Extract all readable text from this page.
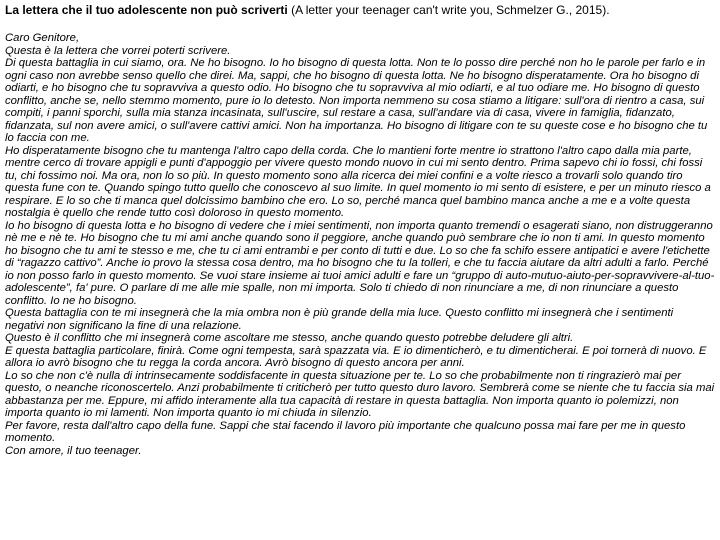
La lettera che il tuo adolescente non può scriverti (A letter your teenager can't write you, Schmelzer G., 2015).

Caro Genitore,

Questa è la lettera che vorrei poterti scrivere.

Di questa battaglia in cui siamo, ora. Ne ho bisogno. Io ho bisogno di questa lotta. Non te lo posso dire perché non ho le parole per farlo e in ogni caso non avrebbe senso quello che direi. Ma, sappi, che ho bisogno di questa lotta. Ne ho bisogno disperatamente. Ora ho bisogno di odiarti, e ho bisogno che tu sopravviva a questo odio. Ho bisogno che tu sopravviva al mio odiarti, e al tuo odiare me. Ho bisogno di questo conflitto, anche se, nello stemmo momento, pure io lo detesto. Non importa nemmeno su cosa stiamo a litigare: sull'ora di rientro a casa, sui compiti, i panni sporchi, sulla mia stanza incasinata, sull'uscire, sul restare a casa, sull'andare via di casa, vivere in famiglia, fidanzato, fidanzata, sul non avere amici, o sull'avere cattivi amici. Non ha importanza. Ho bisogno di litigare con te su queste cose e ho bisogno che tu lo faccia con me.

Ho disperatamente bisogno che tu mantenga l'altro capo della corda. Che lo mantieni forte mentre io strattono l'altro capo dalla mia parte, mentre cerco di trovare appigli e punti d'appoggio per vivere questo mondo nuovo in cui mi sento dentro. Prima sapevo chi io fossi, chi fossi tu, chi fossimo noi. Ma ora, non lo so più. In questo momento sono alla ricerca dei miei confini e a volte riesco a trovarli solo quando tiro questa fune con te. Quando spingo tutto quello che conoscevo al suo limite. In quel momento io mi sento di esistere, e per un minuto riesco a respirare. E lo so che ti manca quel dolcissimo bambino che ero. Lo so, perché manca quel bambino manca anche a me e a volte questa nostalgia è quello che rende tutto così doloroso in questo momento.

Io ho bisogno di questa lotta e ho bisogno di vedere che i miei sentimenti, non importa quanto tremendi o esagerati siano, non distruggeranno nè me e nè te. Ho bisogno che tu mi ami anche quando sono il peggiore, anche quando può sembrare che io non ti ami. In questo momento ho bisogno che tu ami te stesso e me, che tu ci ami entrambi e per conto di tutti e due. Lo so che fa schifo essere antipatici e avere l'etichette di “ragazzo cattivo”. Anche io provo la stessa cosa dentro, ma ho bisogno che tu la tolleri, e che tu faccia aiutare da altri adulti a farlo. Perché io non posso farlo in questo momento. Se vuoi stare insieme ai tuoi amici adulti e fare un “gruppo di auto-mutuo-aiuto-per-sopravvivere-al-tuo-adolescente”, fa' pure. O parlare di me alle mie spalle, non mi importa. Solo ti chiedo di non rinunciare a me, di non rinunciare a questo conflitto. Io ne ho bisogno.

Questa battaglia con te mi insegnerà che la mia ombra non è più grande della mia luce. Questo conflitto mi insegnerà che i sentimenti negativi non significano la fine di una relazione.

Questo è il conflitto che mi insegnerà come ascoltare me stesso, anche quando questo potrebbe deludere gli altri.

E questa battaglia particolare, finirà. Come ogni tempesta, sarà spazzata via. E io dimenticherò, e tu dimenticherai. E poi tornerà di nuovo. E allora io avrò bisogno che tu regga la corda ancora. Avrò bisogno di questo ancora per anni.

Lo so che non c'è nulla di intrinsecamente soddisfacente in questa situazione per te. Lo so che probabilmente non ti ringrazierò mai per questo, o neanche riconoscertelo. Anzi probabilmente ti criticherò per tutto questo duro lavoro. Sembrerà come se niente che tu faccia sia mai abbastanza per me. Eppure, mi affido interamente alla tua capacità di restare in questa battaglia. Non importa quanto io polemizzi, non importa quanto io mi lamenti. Non importa quanto io mi chiuda in silenzio.

Per favore, resta dall'altro capo della fune. Sappi che stai facendo il lavoro più importante che qualcuno possa mai fare per me in questo momento.

Con amore, il tuo teenager.
